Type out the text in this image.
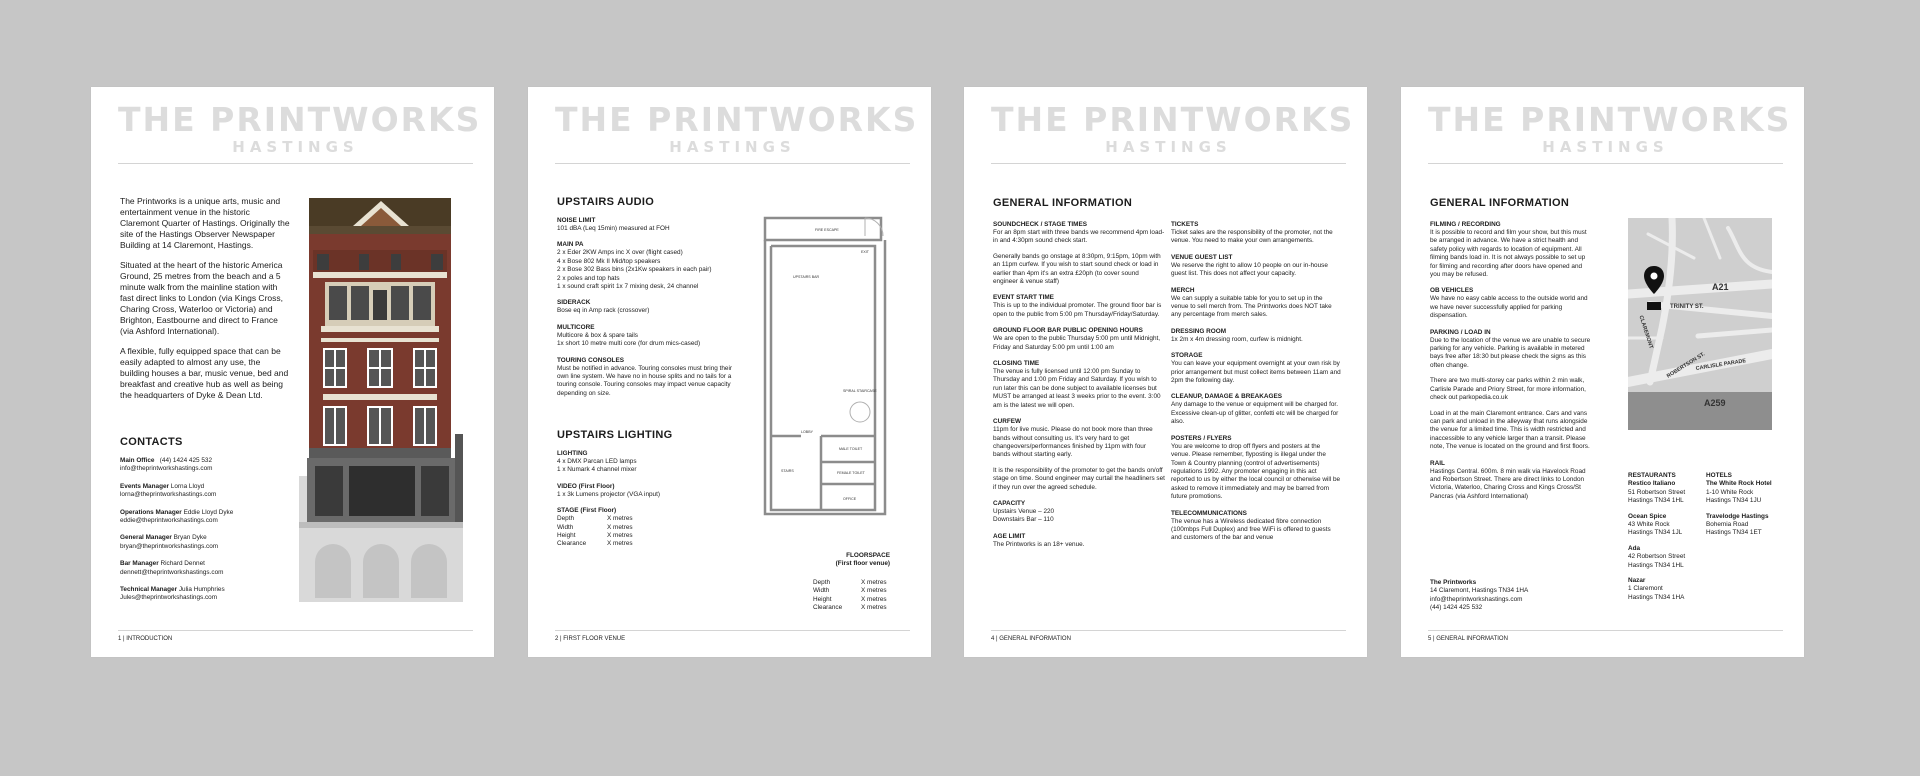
THE PRINTWORKS
HASTINGS

The Printworks is a unique arts, music and entertainment venue in the historic Claremont Quarter of Hastings. Originally the site of the Hastings Observer Newspaper Building at 14 Claremont, Hastings.

Situated at the heart of the historic America Ground, 25 metres from the beach and a 5 minute walk from the mainline station with fast direct links to London (via Kings Cross, Charing Cross, Waterloo or Victoria) and Brighton, Eastbourne and direct to France (via Ashford International).

A flexible, fully equipped space that can be easily adapted to almost any use, the building houses a bar, music venue, bed and breakfast and creative hub as well as being the headquarters of Dyke & Dean Ltd.

CONTACTS
Main Office   (44) 1424 425 532
info@theprintworkshastings.com
Events Manager Lorna Lloyd
lorna@theprintworkshastings.com
Operations Manager Eddie Lloyd Dyke
eddie@theprintworkshastings.com
General Manager Bryan Dyke
bryan@theprintworkshastings.com
Bar Manager Richard Dennet
dennett@theprintworkshastings.com
Technical Manager Julia Humphries
Jules@theprintworkshastings.com
1 | INTRODUCTION
THE PRINTWORKS
HASTINGS
UPSTAIRS AUDIO
NOISE LIMIT
101 dBA (Leq 15min) measured at FOH
MAIN PA
2 x Eder 2KW Amps inc X over (flight cased)
4 x Bose 802 Mk II Mid/top speakers
2 x Bose 302 Bass bins (2x1Kw speakers in each pair)
2 x poles and top hats
1 x sound craft spirit 1x 7 mixing desk, 24 channel
SIDERACK
Bose eq in Amp rack (crossover)
MULTICORE
Multicore & box & spare tails
1x short 10 metre multi core (for drum mics-cased)
TOURING CONSOLES
Must be notified in advance. Touring consoles must bring their own line system. We have no in house splits and no tails for a touring console. Touring consoles may impact venue capacity depending on size.
UPSTAIRS LIGHTING
LIGHTING
4 x DMX Parcan LED lamps
1 x Numark 4 channel mixer
VIDEO (First Floor)
1 x 3k Lumens projector (VGA input)
STAGE (First Floor)
Depth	X metres
Width	X metres
Height	X metres
Clearance	X metres
FIRE ESCAPE
EXIT
UPSTAIRS BAR
SPIRAL STAIRCASE
LOBBY
MALE TOILET
FEMALE TOILET
STAIRS
OFFICE
FLOORSPACE
(First floor venue)
Depth	X metres
Width	X metres
Height	X metres
Clearance	X metres
2 | FIRST FLOOR VENUE
THE PRINTWORKS
HASTINGS
GENERAL INFORMATION
SOUNDCHECK / STAGE TIMES
For an 8pm start with three bands we recommend 4pm load-in and 4:30pm sound check start.
Generally bands go onstage at 8:30pm, 9:15pm, 10pm with an 11pm curfew. If you wish to start sound check or load in earlier than 4pm it's an extra £20ph (to cover sound engineer & venue staff)
EVENT START TIME
This is up to the individual promoter. The ground floor bar is open to the public from 5:00 pm Thursday/Friday/Saturday.
GROUND FLOOR BAR PUBLIC OPENING HOURS
We are open to the public Thursday 5:00 pm until Midnight, Friday and Saturday 5:00 pm until 1:00 am
CLOSING TIME
The venue is fully licensed until 12:00 pm Sunday to Thursday and 1:00 pm Friday and Saturday. If you wish to run later this can be done subject to available licenses but MUST be arranged at least 3 weeks prior to the event. 3:00 am is the latest we will open.
CURFEW
11pm for live music. Please do not book more than three bands without consulting us. It's very hard to get changeovers/performances finished by 11pm with four bands without starting early.
It is the responsibility of the promoter to get the bands on/off stage on time. Sound engineer may curtail the headliners set if they run over the agreed schedule.
CAPACITY
Upstairs Venue – 220
Downstairs Bar – 110
AGE LIMIT
The Printworks is an 18+ venue.
TICKETS
Ticket sales are the responsibility of the promoter, not the venue. You need to make your own arrangements.
VENUE GUEST LIST
We reserve the right to allow 10 people on our in-house guest list. This does not affect your capacity.
MERCH
We can supply a suitable table for you to set up in the venue to sell merch from. The Printworks does NOT take any percentage from merch sales.
DRESSING ROOM
1x 2m x 4m dressing room, curfew is midnight.
STORAGE
You can leave your equipment overnight at your own risk by prior arrangement but must collect items between 11am and 2pm the following day.
CLEANUP, DAMAGE & BREAKAGES
Any damage to the venue or equipment will be charged for. Excessive clean-up of glitter, confetti etc will be charged for also.
POSTERS / FLYERS
You are welcome to drop off flyers and posters at the venue. Please remember, flyposting is illegal under the Town & Country planning (control of advertisements) regulations 1992. Any promoter engaging in this act reported to us by either the local council or otherwise will be asked to remove it immediately and may be barred from future promotions.
TELECOMMUNICATIONS
The venue has a Wireless dedicated fibre connection (100mbps Full Duplex) and free WiFi is offered to guests and customers of the bar and venue
4 | GENERAL INFORMATION
THE PRINTWORKS
HASTINGS
GENERAL INFORMATION
FILMING / RECORDING
It is possible to record and film your show, but this must be arranged in advance. We have a strict health and safety policy with regards to location of equipment. All filming bands load in. It is not always possible to set up for filming and recording after doors have opened and you may be refused.
OB VEHICLES
We have no easy cable access to the outside world and we have never successfully applied for parking dispensation.
PARKING / LOAD IN
Due to the location of the venue we are unable to secure parking for any vehicle. Parking is available in metered bays free after 18:30 but please check the signs as this often change.
There are two multi-storey car parks within 2 min walk, Carlisle Parade and Priory Street, for more information, check out parkopedia.co.uk
Load in at the main Claremont entrance. Cars and vans can park and unload in the alleyway that runs alongside the venue for a limited time. This is width restricted and inaccessible to any vehicle larger than a transit. Please note, The venue is located on the ground and first floors.
RAIL
Hastings Central. 600m. 8 min walk via Havelock Road and Robertson Street. There are direct links to London Victoria, Waterloo, Charing Cross and Kings Cross/St Pancras (via Ashford International)
A21
TRINITY ST.
CLAREMONT
ROBERTSON ST.
CARLISLE PARADE
A259
RESTAURANTS
Restico Italiano
51 Robertson Street
Hastings TN34 1HL
Ocean Spice
43 White Rock
Hastings TN34 1JL
Ada
42 Robertson Street
Hastings TN34 1HL
Nazar
1 Claremont
Hastings TN34 1HA
HOTELS
The White Rock Hotel
1-10 White Rock
Hastings TN34 1JU
Travelodge Hastings
Bohemia Road
Hastings TN34 1ET
The Printworks
14 Claremont, Hastings TN34 1HA
info@theprintworkshastings.com
(44) 1424 425 532
5 | GENERAL INFORMATION
